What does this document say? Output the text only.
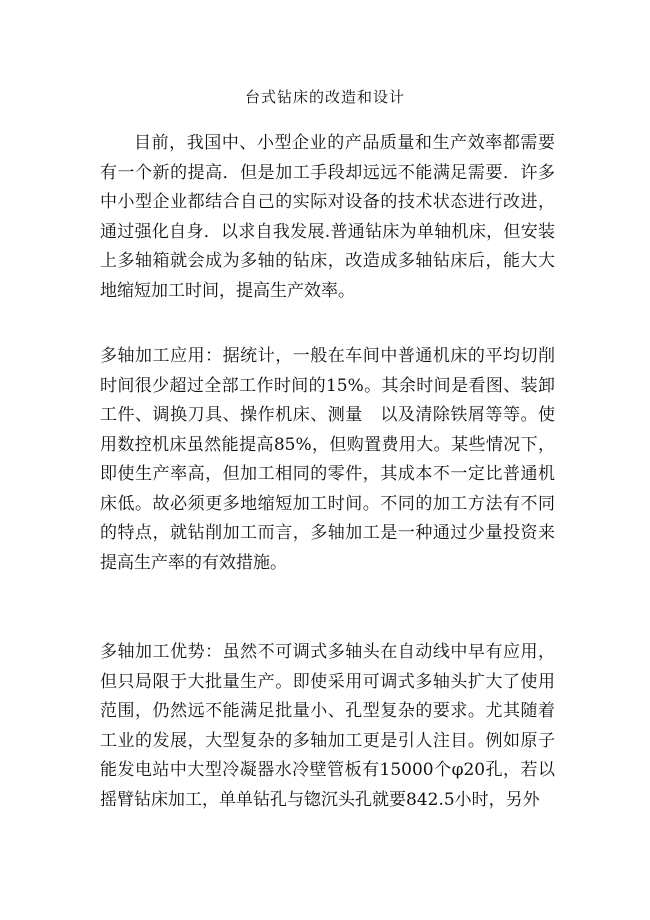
台式钻床的改造和设计

目前，我国中、小型企业的产品质量和生产效率都需要有一个新的提高．但是加工手段却远远不能满足需要．许多中小型企业都结合自己的实际对设备的技术状态进行改进，通过强化自身．以求自我发展.普通钻床为单轴机床，但安装上多轴箱就会成为多轴的钻床，改造成多轴钻床后，能大大地缩短加工时间，提高生产效率。

多轴加工应用：据统计，一般在车间中普通机床的平均切削时间很少超过全部工作时间的15%。其余时间是看图、装卸工件、调换刀具、操作机床、测量　以及清除铁屑等等。使用数控机床虽然能提高85%，但购置费用大。某些情况下，即使生产率高，但加工相同的零件，其成本不一定比普通机床低。故必须更多地缩短加工时间。不同的加工方法有不同的特点，就钻削加工而言，多轴加工是一种通过少量投资来提高生产率的有效措施。

多轴加工优势：虽然不可调式多轴头在自动线中早有应用，但只局限于大批量生产。即使采用可调式多轴头扩大了使用范围，仍然远不能满足批量小、孔型复杂的要求。尤其随着工业的发展，大型复杂的多轴加工更是引人注目。例如原子能发电站中大型冷凝器水冷壁管板有15000个φ20孔，若以摇臂钻床加工，单单钻孔与锪沉头孔就要842.5小时，另外
